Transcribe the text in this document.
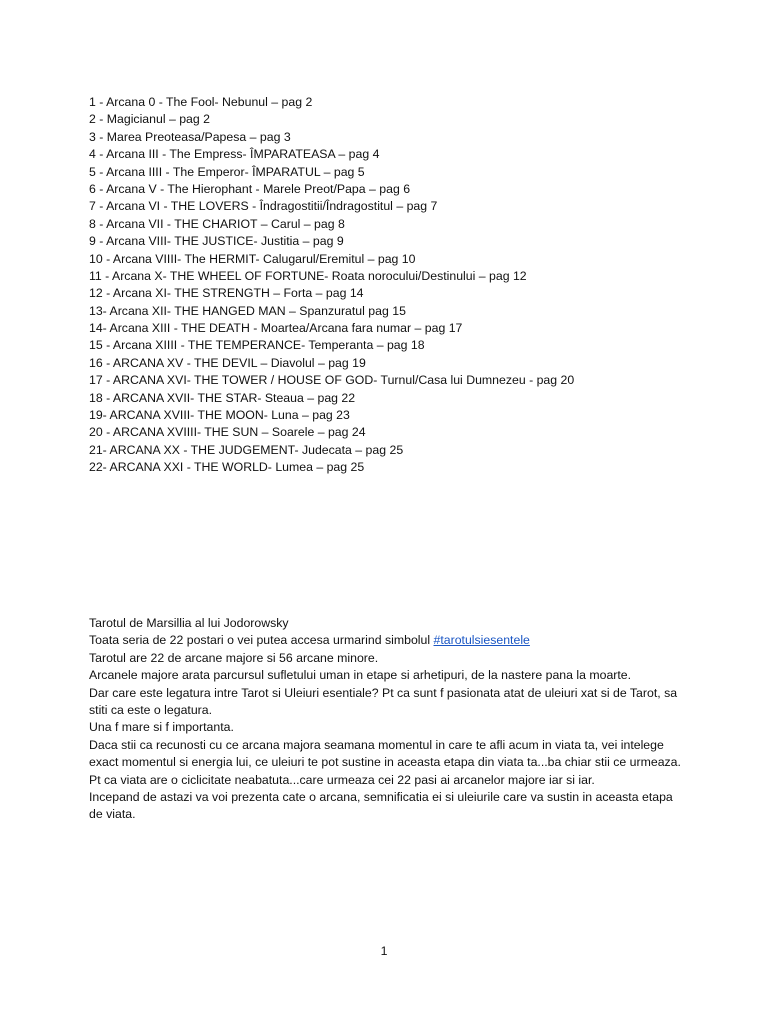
1 - Arcana 0 - The Fool- Nebunul – pag 2
2 - Magicianul – pag 2
3 - Marea Preoteasa/Papesa – pag 3
4 - Arcana III - The Empress- ÎMPARATEASA – pag 4
5 - Arcana IIII - The Emperor- ÎMPARATUL – pag 5
6 - Arcana V - The Hierophant - Marele Preot/Papa – pag 6
7 - Arcana VI - THE LOVERS - Îndragostitii/Îndragostitul – pag 7
8 - Arcana VII - THE CHARIOT – Carul – pag 8
9 - Arcana VIII- THE JUSTICE- Justitia – pag 9
10 - Arcana VIIII- The HERMIT- Calugarul/Eremitul – pag 10
11 - Arcana X- THE WHEEL OF FORTUNE- Roata norocului/Destinului – pag 12
12 - Arcana XI- THE STRENGTH – Forta – pag 14
13- Arcana XII- THE HANGED MAN – Spanzuratul pag 15
14- Arcana XIII - THE DEATH - Moartea/Arcana fara numar – pag 17
15 - Arcana XIIII - THE TEMPERANCE- Temperanta – pag 18
16 - ARCANA XV - THE DEVIL – Diavolul – pag 19
17 - ARCANA XVI- THE TOWER / HOUSE OF GOD- Turnul/Casa lui Dumnezeu - pag 20
18 - ARCANA XVII- THE STAR- Steaua – pag 22
19- ARCANA XVIII- THE MOON- Luna – pag 23
20 - ARCANA XVIIII- THE SUN – Soarele – pag 24
21- ARCANA XX - THE JUDGEMENT- Judecata – pag 25
22- ARCANA XXI - THE WORLD- Lumea – pag 25

Tarotul de Marsillia al lui Jodorowsky

Toata seria de 22 postari o vei putea accesa urmarind simbolul #tarotulsiesentele

Tarotul are 22 de arcane majore si 56 arcane minore.

Arcanele majore arata parcursul sufletului uman in etape si arhetipuri, de la nastere pana la moarte.

Dar care este legatura intre Tarot si Uleiuri esentiale? Pt ca sunt f pasionata atat de uleiuri xat si de Tarot, sa stiti ca este o legatura.

Una f mare si f importanta.

Daca stii ca recunosti cu ce arcana majora seamana momentul in care te afli acum in viata ta, vei intelege exact momentul si energia lui, ce uleiuri te pot sustine in aceasta etapa din viata ta...ba chiar stii ce urmeaza.

Pt ca viata are o ciclicitate neabatuta...care urmeaza cei 22 pasi ai arcanelor majore iar si iar.

Incepand de astazi va voi prezenta cate o arcana, semnificatia ei si uleiurile care va sustin in aceasta etapa de viata.

1
